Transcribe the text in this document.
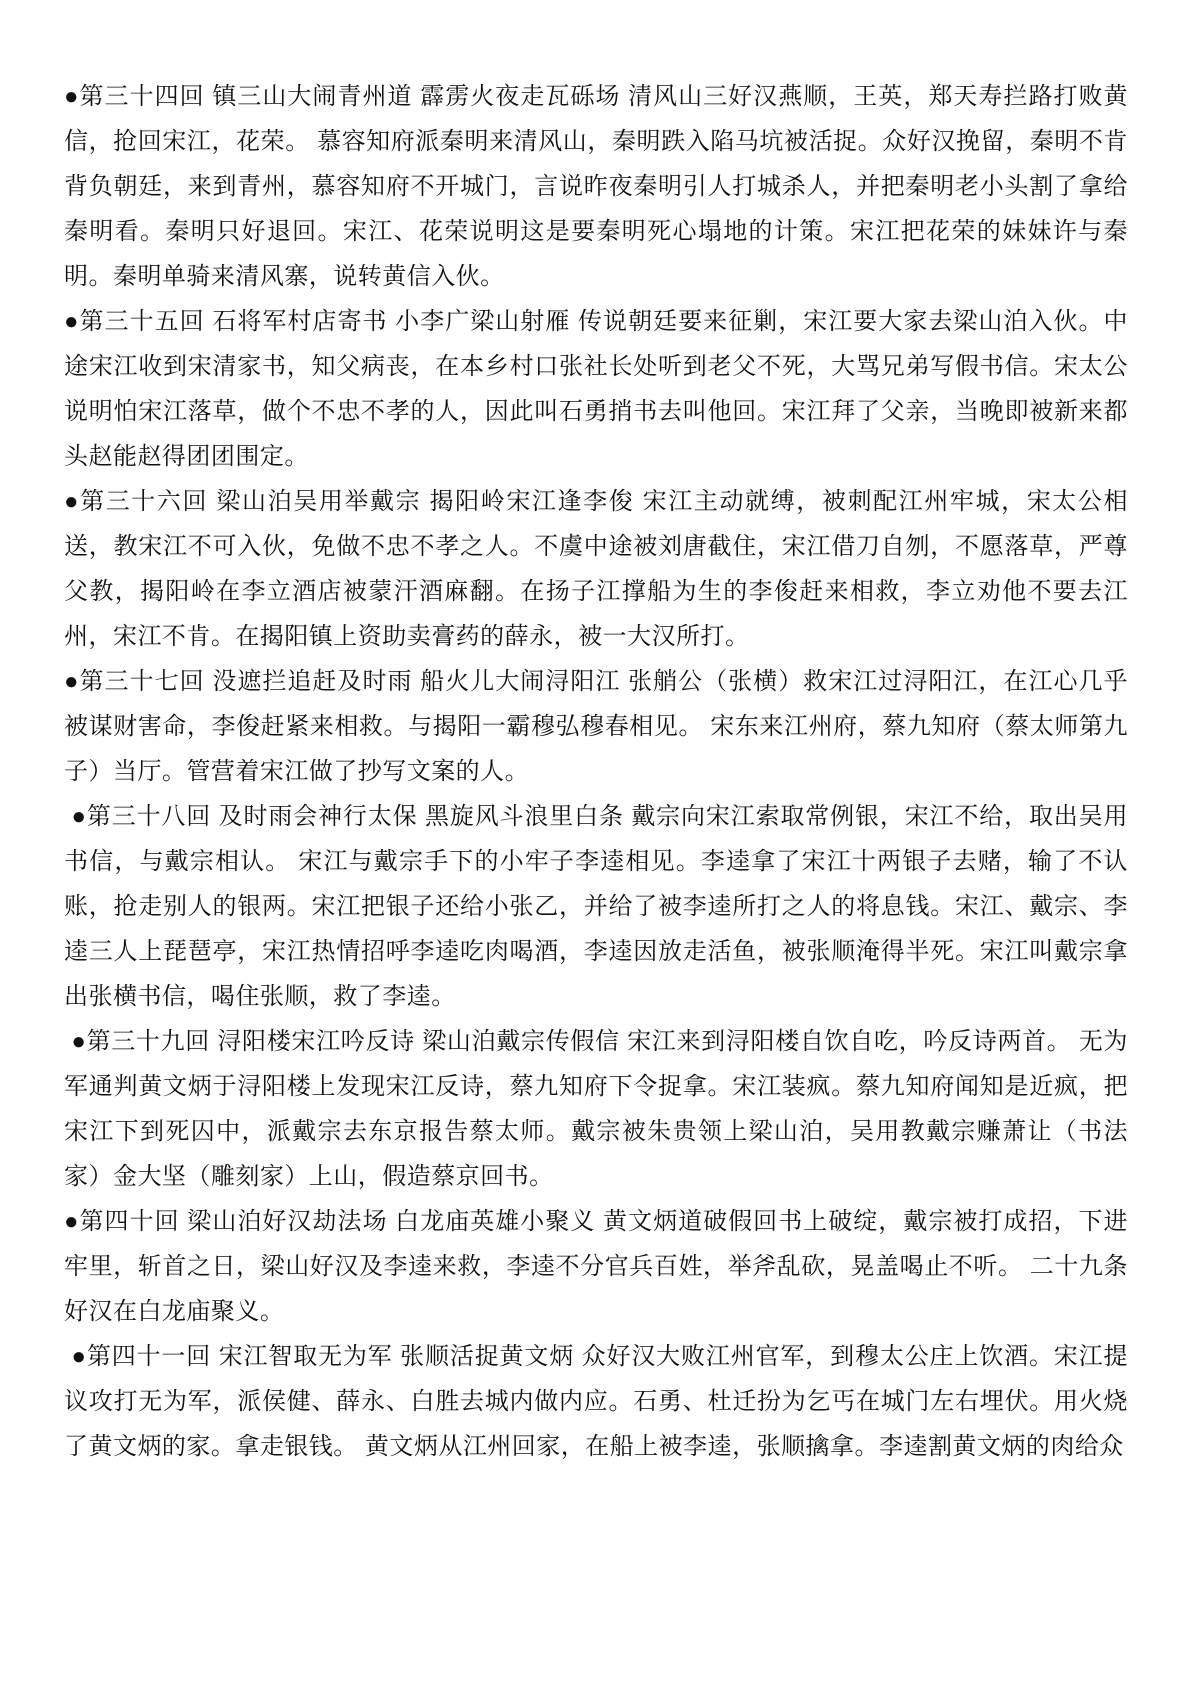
●第三十四回 镇三山大闹青州道 霹雳火夜走瓦砾场 清风山三好汉燕顺，王英，郑天寿拦路打败黄信，抢回宋江，花荣。 慕容知府派秦明来清风山，秦明跌入陷马坑被活捉。众好汉挽留，秦明不肯背负朝廷，来到青州，慕容知府不开城门，言说昨夜秦明引人打城杀人，并把秦明老小头割了拿给秦明看。秦明只好退回。宋江、花荣说明这是要秦明死心塌地的计策。宋江把花荣的妹妹许与秦明。秦明单骑来清风寨，说转黄信入伙。

●第三十五回 石将军村店寄书 小李广梁山射雁 传说朝廷要来征剿，宋江要大家去梁山泊入伙。中途宋江收到宋清家书，知父病丧，在本乡村口张社长处听到老父不死，大骂兄弟写假书信。宋太公说明怕宋江落草，做个不忠不孝的人，因此叫石勇捎书去叫他回。宋江拜了父亲，当晚即被新来都头赵能赵得团团围定。

●第三十六回 梁山泊吴用举戴宗 揭阳岭宋江逢李俊 宋江主动就缚，被刺配江州牢城，宋太公相送，教宋江不可入伙，免做不忠不孝之人。不虞中途被刘唐截住，宋江借刀自刎，不愿落草，严尊父教，揭阳岭在李立酒店被蒙汗酒麻翻。在扬子江撑船为生的李俊赶来相救，李立劝他不要去江州，宋江不肯。在揭阳镇上资助卖膏药的薛永，被一大汉所打。

●第三十七回 没遮拦追赶及时雨 船火儿大闹浔阳江 张艄公（张横）救宋江过浔阳江，在江心几乎被谋财害命，李俊赶紧来相救。与揭阳一霸穆弘穆春相见。 宋东来江州府，蔡九知府（蔡太师第九子）当厅。管营着宋江做了抄写文案的人。

●第三十八回 及时雨会神行太保 黑旋风斗浪里白条 戴宗向宋江索取常例银，宋江不给，取出吴用书信，与戴宗相认。 宋江与戴宗手下的小牢子李逵相见。李逵拿了宋江十两银子去赌，输了不认账，抢走别人的银两。宋江把银子还给小张乙，并给了被李逵所打之人的将息钱。宋江、戴宗、李逵三人上琵琶亭，宋江热情招呼李逵吃肉喝酒，李逵因放走活鱼，被张顺淹得半死。宋江叫戴宗拿出张横书信，喝住张顺，救了李逵。

●第三十九回 浔阳楼宋江吟反诗 梁山泊戴宗传假信 宋江来到浔阳楼自饮自吃，吟反诗两首。 无为军通判黄文炳于浔阳楼上发现宋江反诗，蔡九知府下令捉拿。宋江装疯。蔡九知府闻知是近疯，把宋江下到死囚中，派戴宗去东京报告蔡太师。戴宗被朱贵领上梁山泊，吴用教戴宗赚萧让（书法家）金大坚（雕刻家）上山，假造蔡京回书。

●第四十回 梁山泊好汉劫法场 白龙庙英雄小聚义 黄文炳道破假回书上破绽，戴宗被打成招，下进牢里，斩首之日，梁山好汉及李逵来救，李逵不分官兵百姓，举斧乱砍，晃盖喝止不听。 二十九条好汉在白龙庙聚义。

●第四十一回 宋江智取无为军 张顺活捉黄文炳 众好汉大败江州官军，到穆太公庄上饮酒。宋江提议攻打无为军，派侯健、薛永、白胜去城内做内应。石勇、杜迁扮为乞丐在城门左右埋伏。用火烧了黄文炳的家。拿走银钱。 黄文炳从江州回家，在船上被李逵，张顺擒拿。李逵割黄文炳的肉给众
